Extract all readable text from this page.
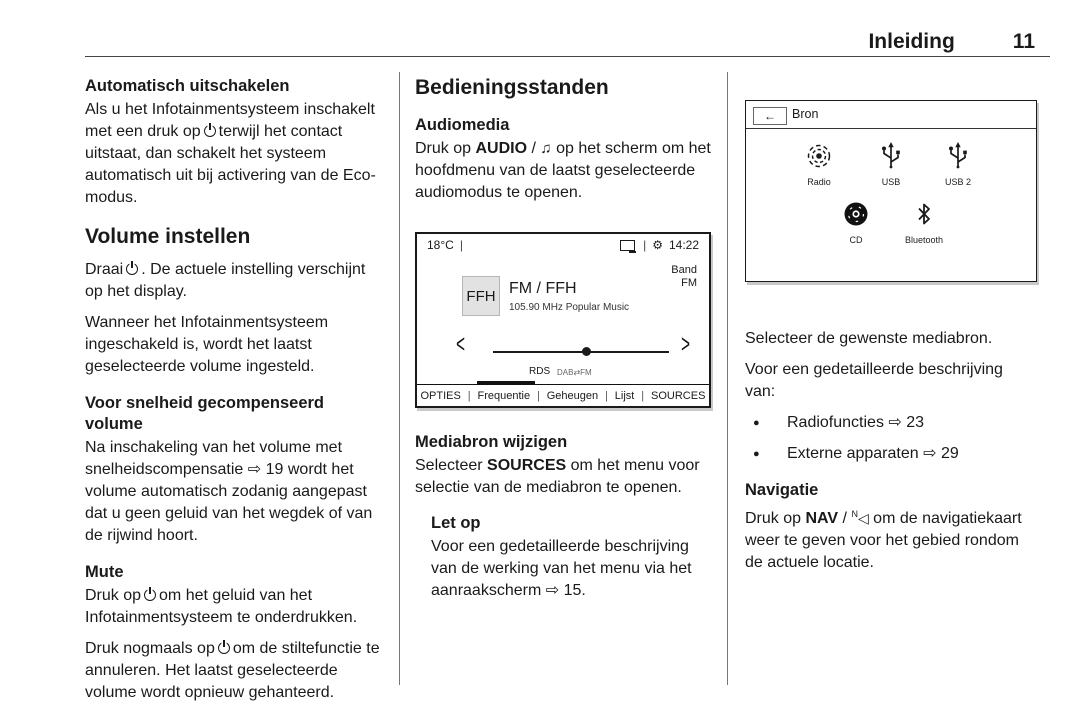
Inleiding	11
Automatisch uitschakelen

Als u het Infotainmentsysteem inschakelt met een druk op terwijl het contact uitstaat, dan schakelt het systeem automatisch uit bij activering van de Eco-modus.

Volume instellen

Draai . De actuele instelling verschijnt op het display.

Wanneer het Infotainmentsysteem ingeschakeld is, wordt het laatst geselecteerde volume ingesteld.

Voor snelheid gecompenseerd volume

Na inschakeling van het volume met snelheidscompensatie ⇨ 19 wordt het volume automatisch zodanig aangepast dat u geen geluid van het wegdek of van de rijwind hoort.

Mute

Druk op om het geluid van het Infotainmentsysteem te onderdrukken.

Druk nogmaals op om de stiltefunctie te annuleren. Het laatst geselecteerde volume wordt opnieuw gehanteerd.

Bedieningsstanden
Audiomedia

Druk op AUDIO / ♫ op het scherm om het hoofdmenu van de laatst geselecteerde audiomodus te openen.

18°C |	| ⚙ 14:22
Band
FM
FFH FM / FFH
105.90 MHz Popular Music
<	>
RDS DAB⇄FM
OPTIES | Frequentie | Geheugen | Lijst | SOURCES
Mediabron wijzigen

Selecteer SOURCES om het menu voor selectie van de mediabron te openen.

Let op

Voor een gedetailleerde beschrijving van de werking van het menu via het aanraakscherm ⇨ 15.

← Bron
Radio	USB	USB 2
CD	Bluetooth

Selecteer de gewenste mediabron.

Voor een gedetailleerde beschrijving van:

●	Radiofuncties ⇨ 23
●	Externe apparaten ⇨ 29
Navigatie

Druk op NAV / $^N$◁ om de navigatiekaart weer te geven voor het gebied rondom de actuele locatie.
